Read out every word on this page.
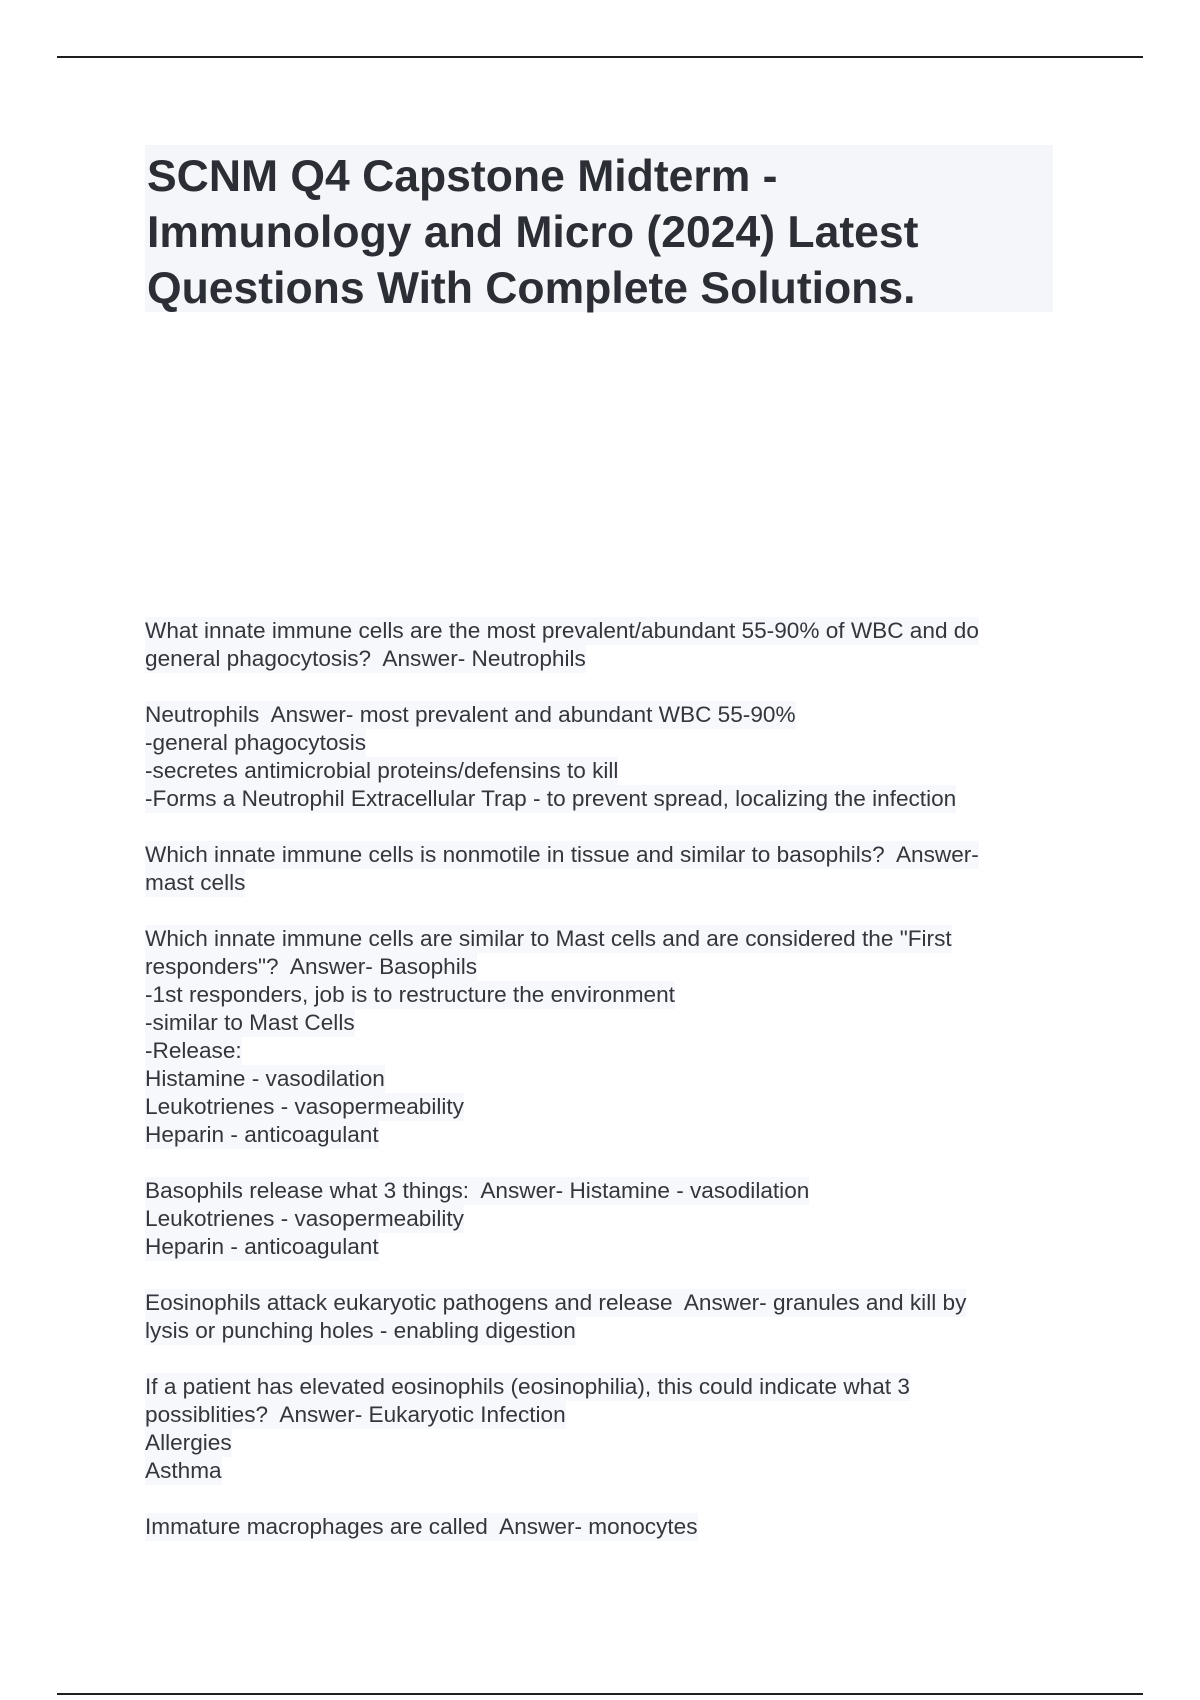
SCNM Q4 Capstone Midterm -
Immunology and Micro (2024) Latest
Questions With Complete Solutions.
What innate immune cells are the most prevalent/abundant 55-90% of WBC and do
general phagocytosis?  Answer- Neutrophils
Neutrophils  Answer- most prevalent and abundant WBC 55-90%
-general phagocytosis
-secretes antimicrobial proteins/defensins to kill
-Forms a Neutrophil Extracellular Trap - to prevent spread, localizing the infection
Which innate immune cells is nonmotile in tissue and similar to basophils?  Answer-
mast cells
Which innate immune cells are similar to Mast cells and are considered the "First
responders"?  Answer- Basophils
-1st responders, job is to restructure the environment
-similar to Mast Cells
-Release:
Histamine - vasodilation
Leukotrienes - vasopermeability
Heparin - anticoagulant
Basophils release what 3 things:  Answer- Histamine - vasodilation
Leukotrienes - vasopermeability
Heparin - anticoagulant
Eosinophils attack eukaryotic pathogens and release  Answer- granules and kill by
lysis or punching holes - enabling digestion
If a patient has elevated eosinophils (eosinophilia), this could indicate what 3
possiblities?  Answer- Eukaryotic Infection
Allergies
Asthma
Immature macrophages are called  Answer- monocytes
